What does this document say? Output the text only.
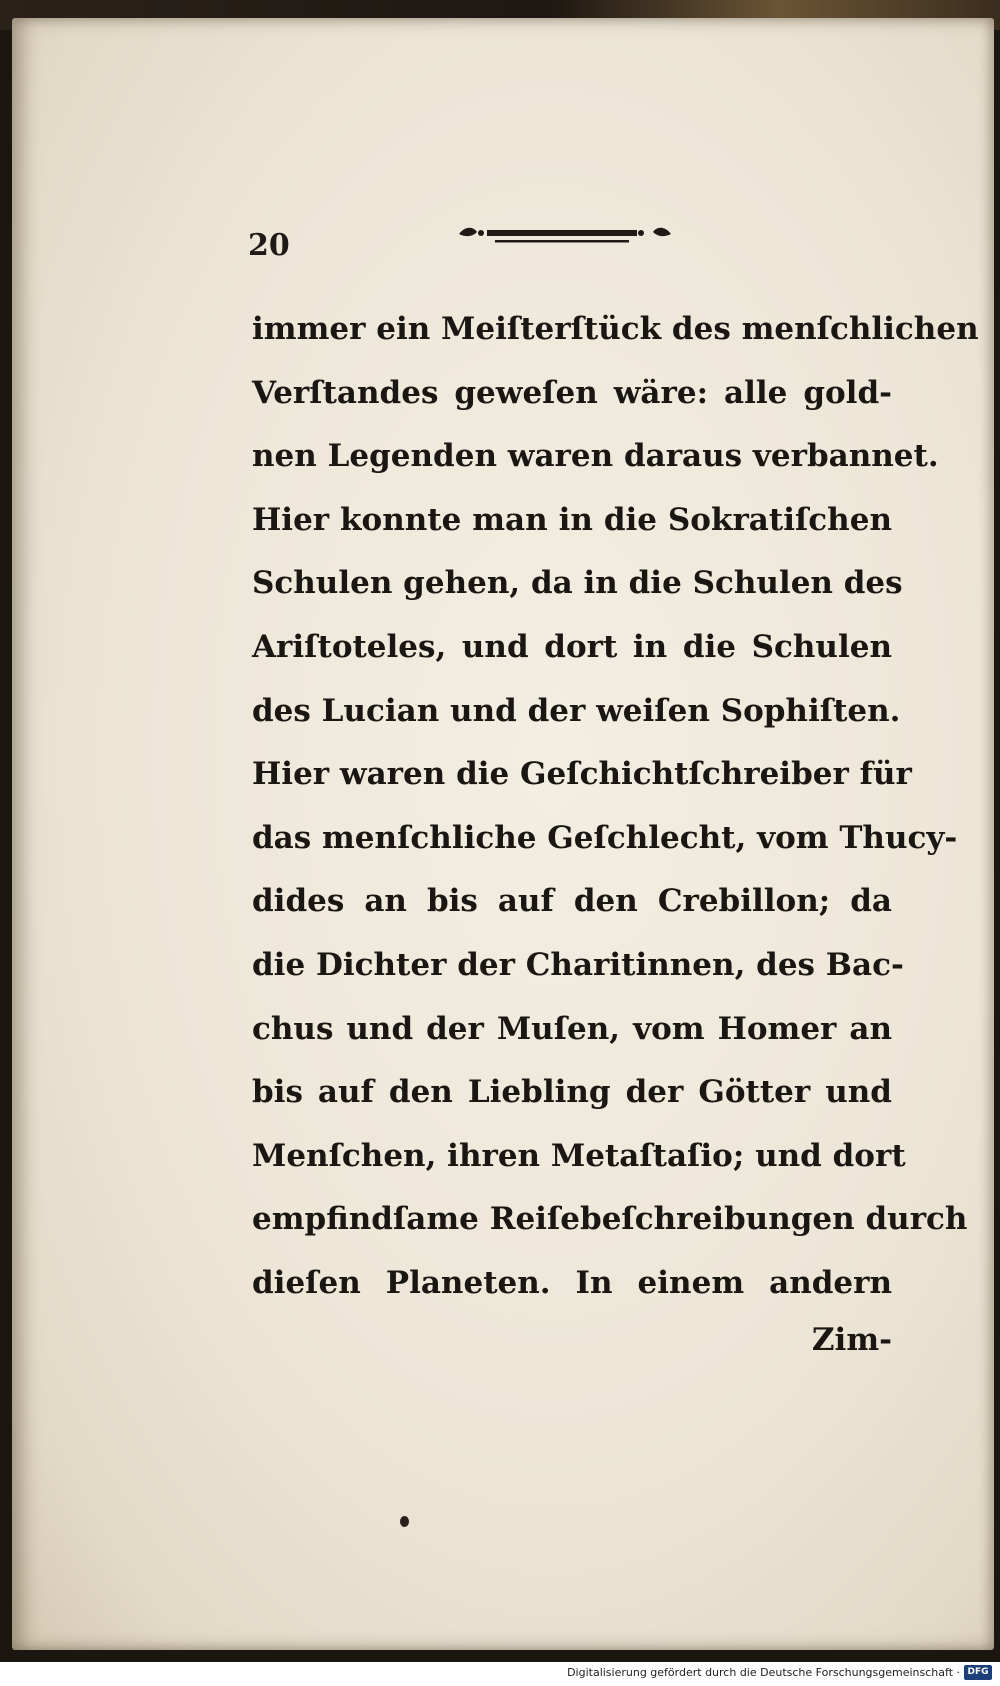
20
immer ein Meiſterſtück des menſchlichen
Verſtandes geweſen wäre: alle gold-
nen Legenden waren daraus verbannet.
Hier konnte man in die Sokratiſchen
Schulen gehen, da in die Schulen des
Ariſtoteles, und dort in die Schulen
des Lucian und der weiſen Sophiſten.
Hier waren die Geſchichtſchreiber für
das menſchliche Geſchlecht, vom Thucy-
dides an bis auf den Crebillon; da
die Dichter der Charitinnen, des Bac-
chus und der Muſen, vom Homer an
bis auf den Liebling der Götter und
Menſchen, ihren Metaſtaſio; und dort
empfindſame Reiſebeſchreibungen durch
dieſen Planeten. In einem andern
Zim-
Digitalisierung gefördert durch die Deutsche Forschungsgemeinschaft · DFG
